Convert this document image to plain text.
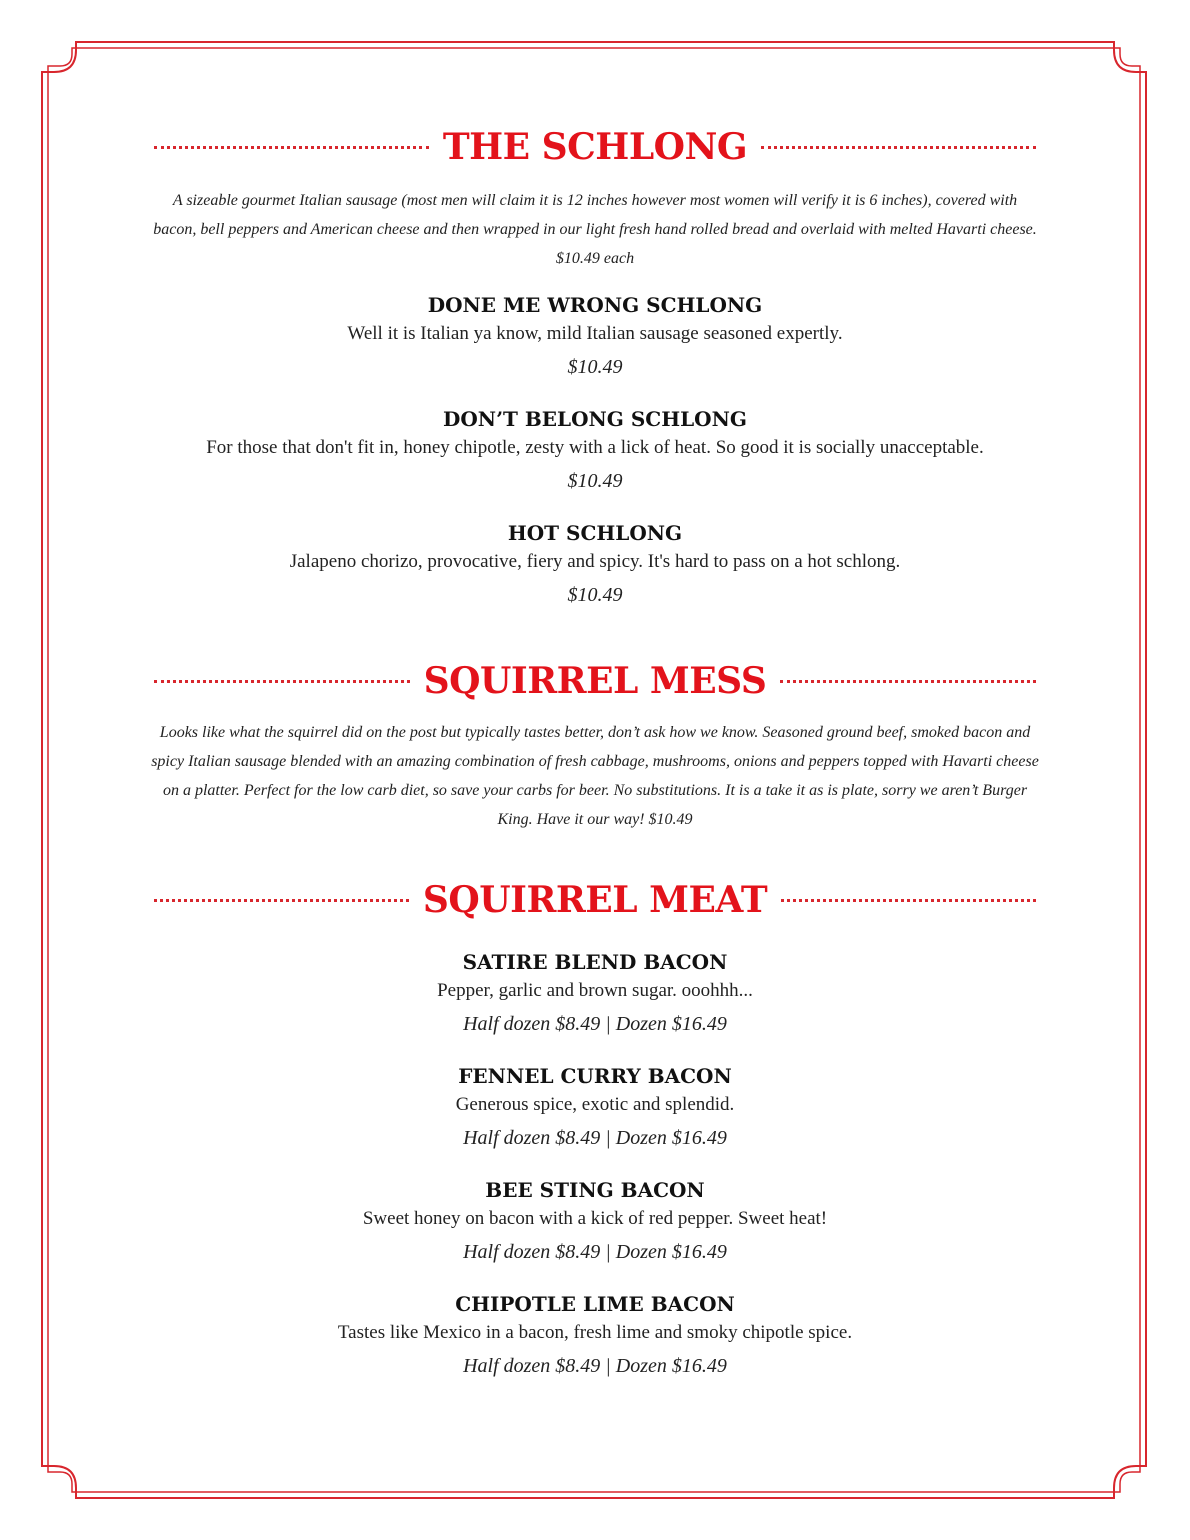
THE SCHLONG
A sizeable gourmet Italian sausage (most men will claim it is 12 inches however most women will verify it is 6 inches), covered with bacon, bell peppers and American cheese and then wrapped in our light fresh hand rolled bread and overlaid with melted Havarti cheese. $10.49 each
DONE ME WRONG SCHLONG
Well it is Italian ya know, mild Italian sausage seasoned expertly.
$10.49
DON’T BELONG SCHLONG
For those that don't fit in, honey chipotle, zesty with a lick of heat. So good it is socially unacceptable.
$10.49
HOT SCHLONG
Jalapeno chorizo, provocative, fiery and spicy. It's hard to pass on a hot schlong.
$10.49
SQUIRREL MESS
Looks like what the squirrel did on the post but typically tastes better, don’t ask how we know. Seasoned ground beef, smoked bacon and spicy Italian sausage blended with an amazing combination of fresh cabbage, mushrooms, onions and peppers topped with Havarti cheese on a platter. Perfect for the low carb diet, so save your carbs for beer. No substitutions. It is a take it as is plate, sorry we aren’t Burger King. Have it our way! $10.49
SQUIRREL MEAT
SATIRE BLEND BACON
Pepper, garlic and brown sugar. ooohhh...
Half dozen $8.49 | Dozen $16.49
FENNEL CURRY BACON
Generous spice, exotic and splendid.
Half dozen $8.49 | Dozen $16.49
BEE STING BACON
Sweet honey on bacon with a kick of red pepper. Sweet heat!
Half dozen $8.49 | Dozen $16.49
CHIPOTLE LIME BACON
Tastes like Mexico in a bacon, fresh lime and smoky chipotle spice.
Half dozen $8.49 | Dozen $16.49
